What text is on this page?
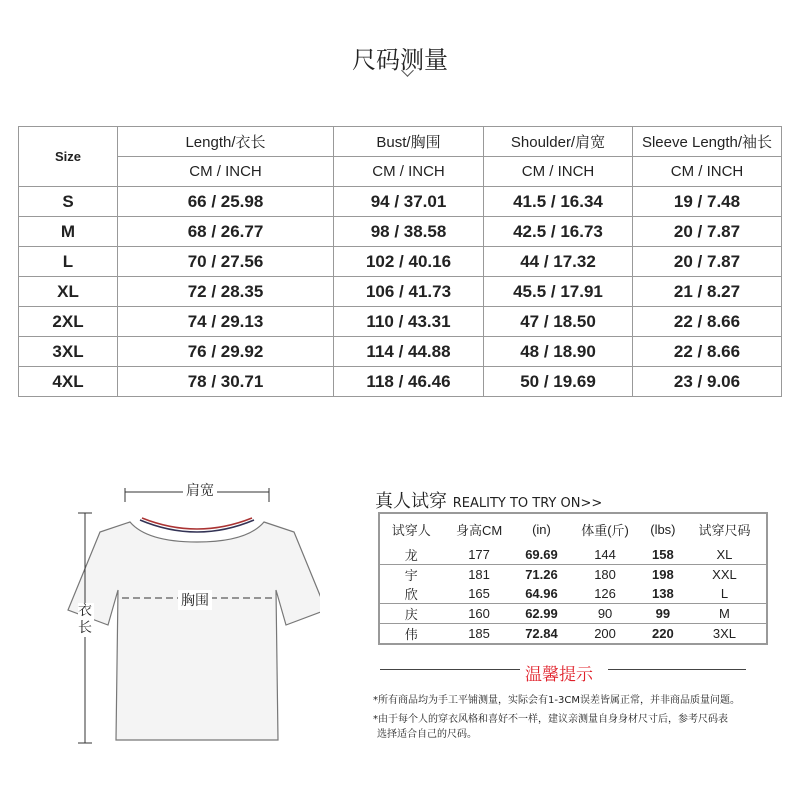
尺码测量
Size	Length/衣长	Bust/胸围	Shoulder/肩宽	Sleeve Length/袖长
	CM / INCH	CM / INCH	CM / INCH	CM / INCH
S	66 / 25.98	94 / 37.01	41.5 / 16.34	19 / 7.48
M	68 / 26.77	98 / 38.58	42.5 / 16.73	20 / 7.87
L	70 / 27.56	102 / 40.16	44 / 17.32	20 / 7.87
XL	72 / 28.35	106 / 41.73	45.5 / 17.91	21 / 8.27
2XL	74 / 29.13	110 / 43.31	47 / 18.50	22 / 8.66
3XL	76 / 29.92	114 / 44.88	48 / 18.90	22 / 8.66
4XL	78 / 30.71	118 / 46.46	50 / 19.69	23 / 9.06
肩宽
胸围
衣长
真人试穿 REALITY TO TRY ON>>
试穿人	身高CM	(in)	体重(斤)	(lbs)	试穿尺码
龙	177	69.69	144	158	XL
宇	181	71.26	180	198	XXL
欣	165	64.96	126	138	L
庆	160	62.99	90	99	M
伟	185	72.84	200	220	3XL
温馨提示
*所有商品均为手工平铺测量，实际会有1-3CM误差皆属正常，并非商品质量问题。
*由于每个人的穿衣风格和喜好不一样，建议亲测量自身身材尺寸后，参考尺码表
选择适合自己的尺码。
